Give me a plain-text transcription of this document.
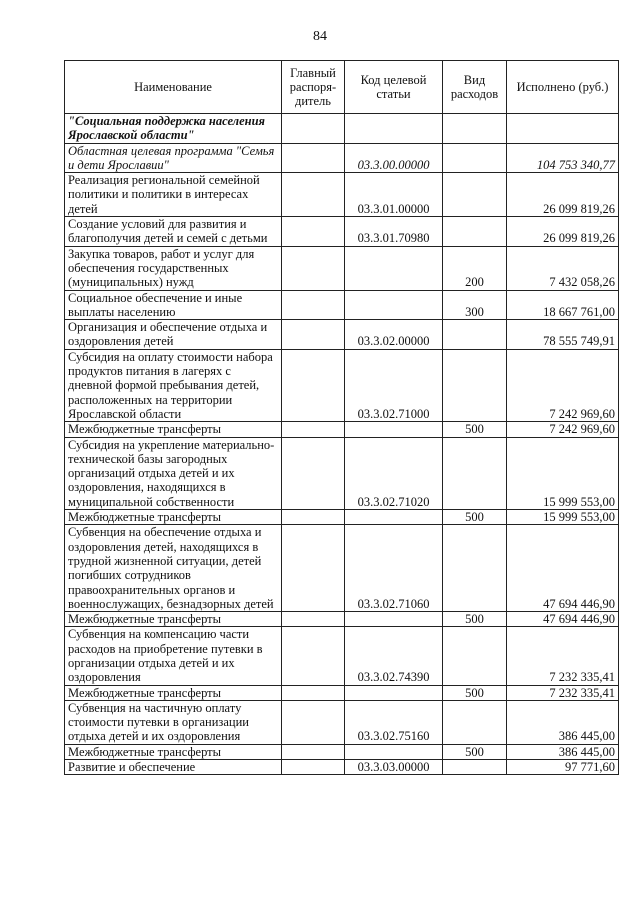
84
Наименование	Главный распоря-дитель	Код целевой статьи	Вид расходов	Исполнено (руб.)
"Социальная поддержка населения Ярославской области"				
Областная целевая программа "Семья и дети Ярославии"		03.3.00.00000		104 753 340,77
Реализация региональной семейной политики и политики в интересах детей		03.3.01.00000		26 099 819,26
Создание условий для развития и благополучия детей и семей с детьми		03.3.01.70980		26 099 819,26
Закупка товаров, работ и услуг для обеспечения государственных (муниципальных) нужд			200	7 432 058,26
Социальное обеспечение и иные выплаты населению			300	18 667 761,00
Организация и обеспечение отдыха и оздоровления детей		03.3.02.00000		78 555 749,91
Субсидия на оплату стоимости набора продуктов питания в лагерях с дневной формой пребывания детей, расположенных на территории Ярославской области		03.3.02.71000		7 242 969,60
Межбюджетные трансферты			500	7 242 969,60
Субсидия на укрепление материально-технической базы загородных организаций отдыха детей и их оздоровления, находящихся в муниципальной собственности		03.3.02.71020		15 999 553,00
Межбюджетные трансферты			500	15 999 553,00
Субвенция на обеспечение отдыха и оздоровления детей, находящихся в трудной жизненной ситуации, детей погибших сотрудников правоохранительных органов и военнослужащих, безнадзорных детей		03.3.02.71060		47 694 446,90
Межбюджетные трансферты			500	47 694 446,90
Субвенция на компенсацию части расходов на приобретение путевки в организации отдыха детей и их оздоровления		03.3.02.74390		7 232 335,41
Межбюджетные трансферты			500	7 232 335,41
Субвенция на частичную оплату стоимости путевки в организации отдыха детей и их оздоровления		03.3.02.75160		386 445,00
Межбюджетные трансферты			500	386 445,00
Развитие и обеспечение		03.3.03.00000		97 771,60
